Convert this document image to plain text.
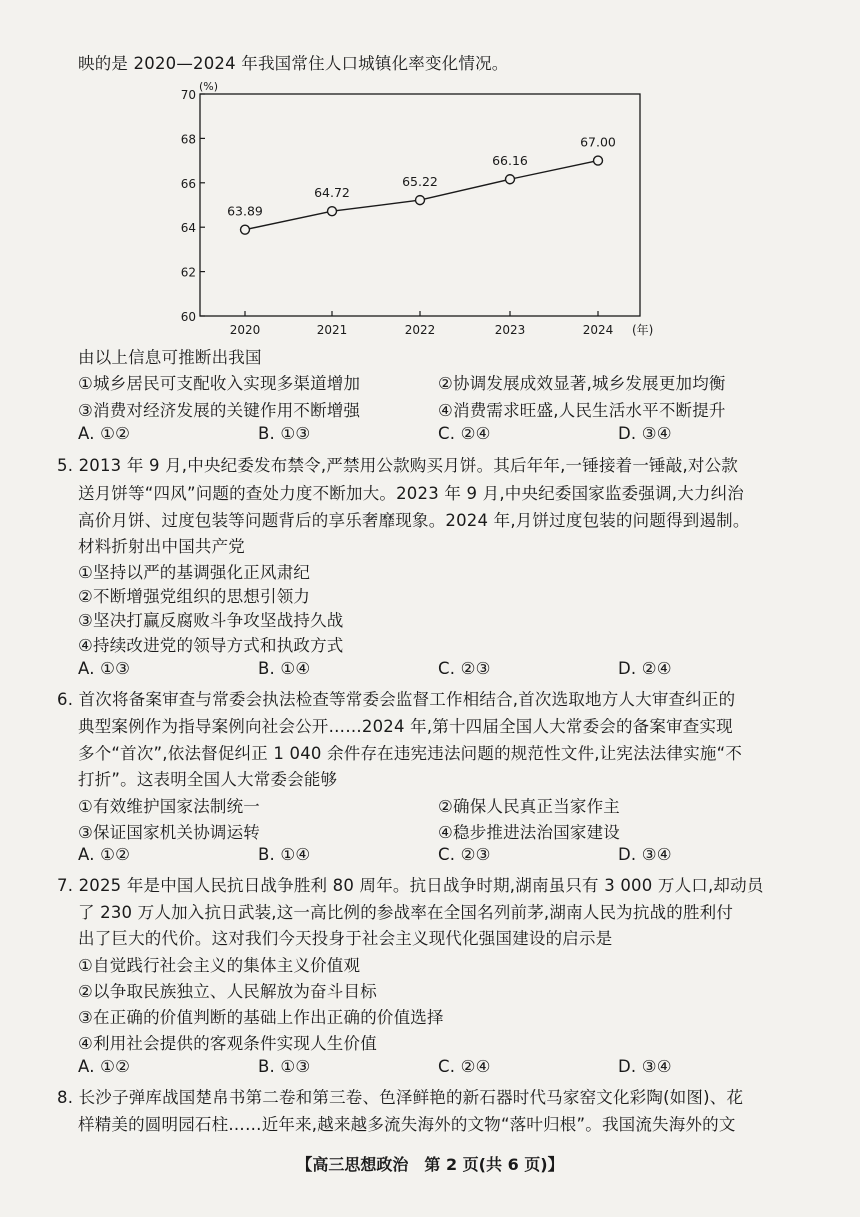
映的是 2020—2024 年我国常住人口城镇化率变化情况。
60
62
64
66
68
70
(%)
2020	2021	2022	2023	2024 (年)
63.89
64.72
65.22
66.16
67.00
由以上信息可推断出我国
①城乡居民可支配收入实现多渠道增加	②协调发展成效显著,城乡发展更加均衡
③消费对经济发展的关键作用不断增强	④消费需求旺盛,人民生活水平不断提升
A. ①②	B. ①③	C. ②④	D. ③④
5. 2013 年 9 月,中央纪委发布禁令,严禁用公款购买月饼。其后年年,一锤接着一锤敲,对公款
送月饼等“四风”问题的查处力度不断加大。2023 年 9 月,中央纪委国家监委强调,大力纠治
高价月饼、过度包装等问题背后的享乐奢靡现象。2024 年,月饼过度包装的问题得到遏制。
材料折射出中国共产党
①坚持以严的基调强化正风肃纪
②不断增强党组织的思想引领力
③坚决打赢反腐败斗争攻坚战持久战
④持续改进党的领导方式和执政方式
A. ①③	B. ①④	C. ②③	D. ②④
6. 首次将备案审查与常委会执法检查等常委会监督工作相结合,首次选取地方人大审查纠正的
典型案例作为指导案例向社会公开……2024 年,第十四届全国人大常委会的备案审查实现
多个“首次”,依法督促纠正 1 040 余件存在违宪违法问题的规范性文件,让宪法法律实施“不
打折”。这表明全国人大常委会能够
①有效维护国家法制统一	②确保人民真正当家作主
③保证国家机关协调运转	④稳步推进法治国家建设
A. ①②	B. ①④	C. ②③	D. ③④
7. 2025 年是中国人民抗日战争胜利 80 周年。抗日战争时期,湖南虽只有 3 000 万人口,却动员
了 230 万人加入抗日武装,这一高比例的参战率在全国名列前茅,湖南人民为抗战的胜利付
出了巨大的代价。这对我们今天投身于社会主义现代化强国建设的启示是
①自觉践行社会主义的集体主义价值观
②以争取民族独立、人民解放为奋斗目标
③在正确的价值判断的基础上作出正确的价值选择
④利用社会提供的客观条件实现人生价值
A. ①②	B. ①③	C. ②④	D. ③④
8. 长沙子弹库战国楚帛书第二卷和第三卷、色泽鲜艳的新石器时代马家窑文化彩陶(如图)、花
样精美的圆明园石柱……近年来,越来越多流失海外的文物“落叶归根”。我国流失海外的文
【高三思想政治　第 2 页(共 6 页)】
